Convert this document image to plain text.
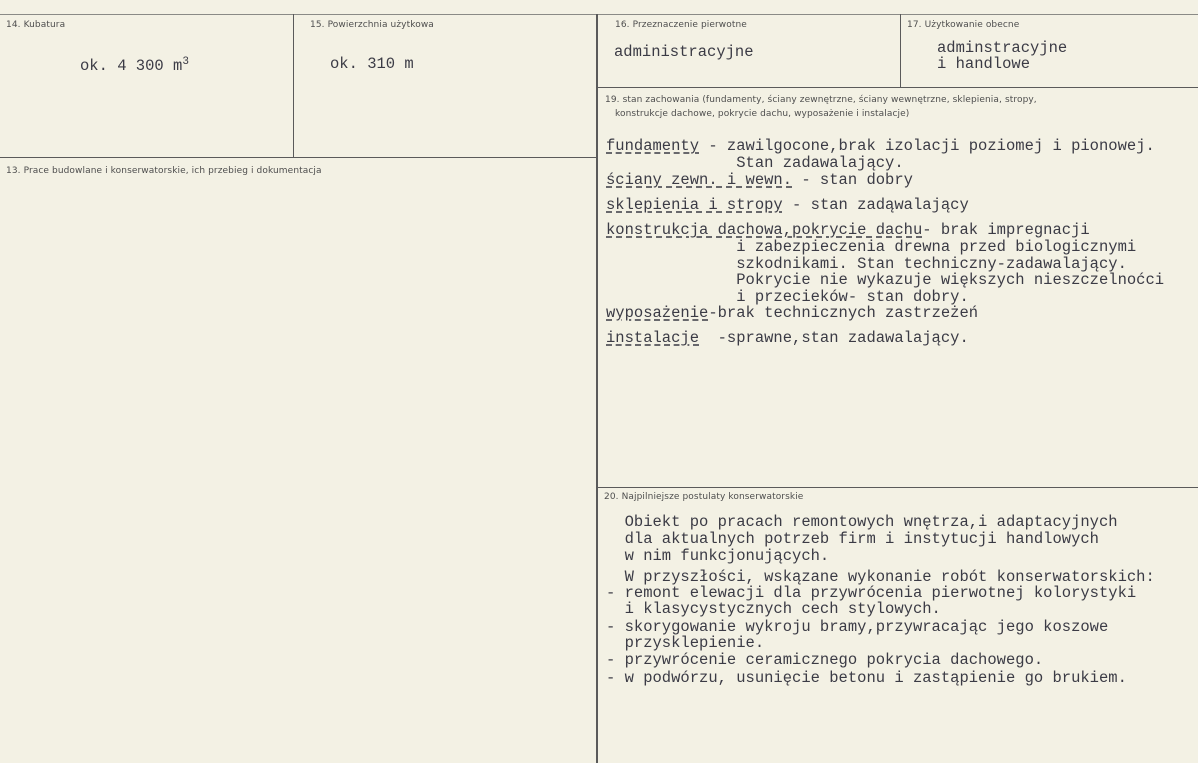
14. Kubatura
ok. 4 300 $m^3$
15. Powierzchnia użytkowa
ok. 310 m
16. Przeznaczenie pierwotne
administracyjne
17. Użytkowanie obecne
adminstracyjne
i handlowe
13. Prace budowlane i konserwatorskie, ich przebieg i dokumentacja
19. stan zachowania (fundamenty, ściany zewnętrzne, ściany wewnętrzne, sklepienia, stropy,
konstrukcje dachowe, pokrycie dachu, wyposażenie i instalacje)
fundamenty - zawilgocone,brak izolacji poziomej i pionowej.
Stan zadawalający.
ściany zewn. i wewn. - stan dobry
sklepienia i stropy - stan zadąwalający
konstrukcja dachowa,pokrycie dachu- brak impregnacji
i zabezpieczenia drewna przed biologicznymi
szkodnikami. Stan techniczny-zadawalający.
Pokrycie nie wykazuje większych nieszczelnoćci
i przecieków- stan dobry.
wyposażenie-brak technicznych zastrzeżeń
instalacje  -sprawne,stan zadawalający.
20. Najpilniejsze postulaty konserwatorskie
Obiekt po pracach remontowych wnętrza,i adaptacyjnych
dla aktualnych potrzeb firm i instytucji handlowych
w nim funkcjonujących.
W przyszłości, wskązane wykonanie robót konserwatorskich:
- remont elewacji dla przywrócenia pierwotnej kolorystyki
i klasycystycznych cech stylowych.
- skorygowanie wykroju bramy,przywracając jego koszowe
przysklepienie.
- przywrócenie ceramicznego pokrycia dachowego.
- w podwórzu, usunięcie betonu i zastąpienie go brukiem.
